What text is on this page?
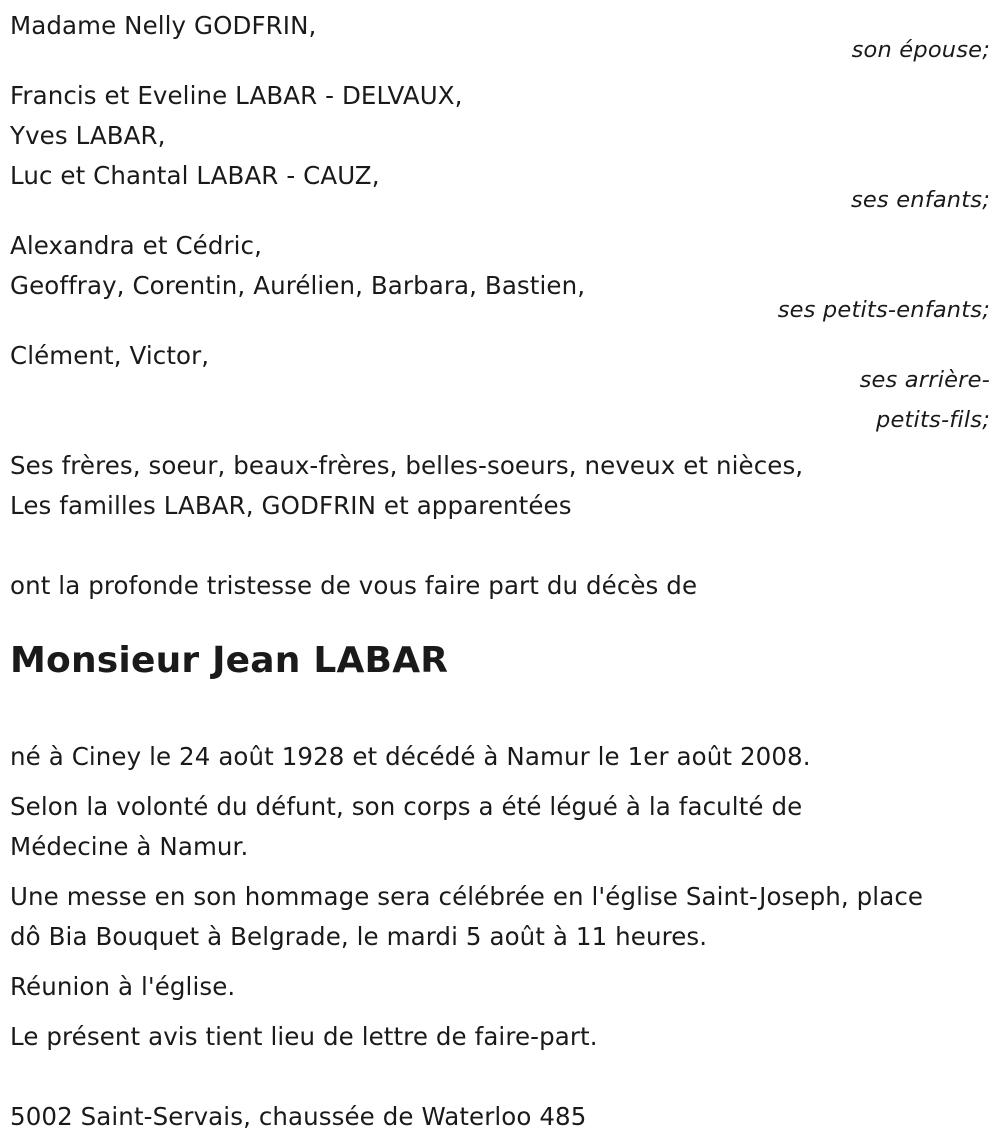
Madame Nelly GODFRIN,
son épouse;
Francis et Eveline LABAR - DELVAUX,
Yves LABAR,
Luc et Chantal LABAR - CAUZ,
ses enfants;
Alexandra et Cédric,
Geoffray, Corentin, Aurélien, Barbara, Bastien,
ses petits-enfants;
Clément, Victor,
ses arrière-
petits-fils;
Ses frères, soeur, beaux-frères, belles-soeurs, neveux et nièces,
Les familles LABAR, GODFRIN et apparentées
ont la profonde tristesse de vous faire part du décès de
Monsieur Jean LABAR
né à Ciney le 24 août 1928 et décédé à Namur le 1er août 2008.
Selon la volonté du défunt, son corps a été légué à la faculté de
Médecine à Namur.
Une messe en son hommage sera célébrée en l'église Saint-Joseph, place
dô Bia Bouquet à Belgrade, le mardi 5 août à 11 heures.
Réunion à l'église.
Le présent avis tient lieu de lettre de faire-part.
5002 Saint-Servais, chaussée de Waterloo 485
